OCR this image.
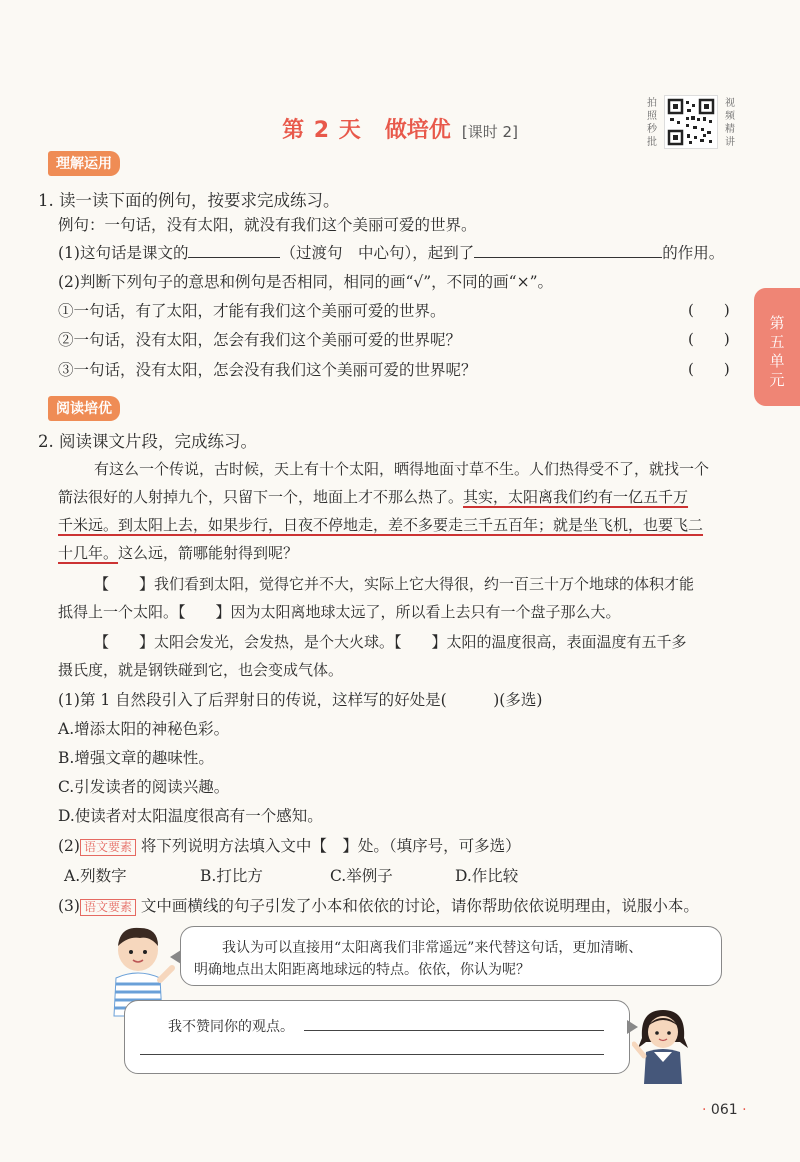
第 2 天 做培优 [课时 2]
拍照秒批
视频精讲
第五单元
理解运用
1. 读一读下面的例句，按要求完成练习。
例句：一句话，没有太阳，就没有我们这个美丽可爱的世界。
(1)这句话是课文的	（过渡句　中心句），起到了	的作用。
(2)判断下列句子的意思和例句是否相同，相同的画“√”，不同的画“×”。
①一句话，有了太阳，才能有我们这个美丽可爱的世界。	(　　)
②一句话，没有太阳，怎会有我们这个美丽可爱的世界呢？	(　　)
③一句话，没有太阳，怎会没有我们这个美丽可爱的世界呢？	(　　)
阅读培优
2. 阅读课文片段，完成练习。
有这么一个传说，古时候，天上有十个太阳，晒得地面寸草不生。人们热得受不了，就找一个
箭法很好的人射掉九个，只留下一个，地面上才不那么热了。其实，太阳离我们约有一亿五千万
千米远。到太阳上去，如果步行，日夜不停地走，差不多要走三千五百年；就是坐飞机，也要飞二
十几年。这么远，箭哪能射得到呢？
【　　】我们看到太阳，觉得它并不大，实际上它大得很，约一百三十万个地球的体积才能
抵得上一个太阳。【　　】因为太阳离地球太远了，所以看上去只有一个盘子那么大。
【　　】太阳会发光，会发热，是个大火球。【　　】太阳的温度很高，表面温度有五千多
摄氏度，就是钢铁碰到它，也会变成气体。
(1)第 1 自然段引入了后羿射日的传说，这样写的好处是(　　　)(多选)
A.增添太阳的神秘色彩。
B.增强文章的趣味性。
C.引发读者的阅读兴趣。
D.使读者对太阳温度很高有一个感知。
(2) 语文要素 将下列说明方法填入文中【　】处。（填序号，可多选）
A.列数字	B.打比方	C.举例子	D.作比较
(3) 语文要素 文中画横线的句子引发了小本和依依的讨论，请你帮助依依说明理由，说服小本。
我认为可以直接用“太阳离我们非常遥远”来代替这句话，更加清晰、
明确地点出太阳距离地球远的特点。依依，你认为呢？
我不赞同你的观点。
· 061 ·
